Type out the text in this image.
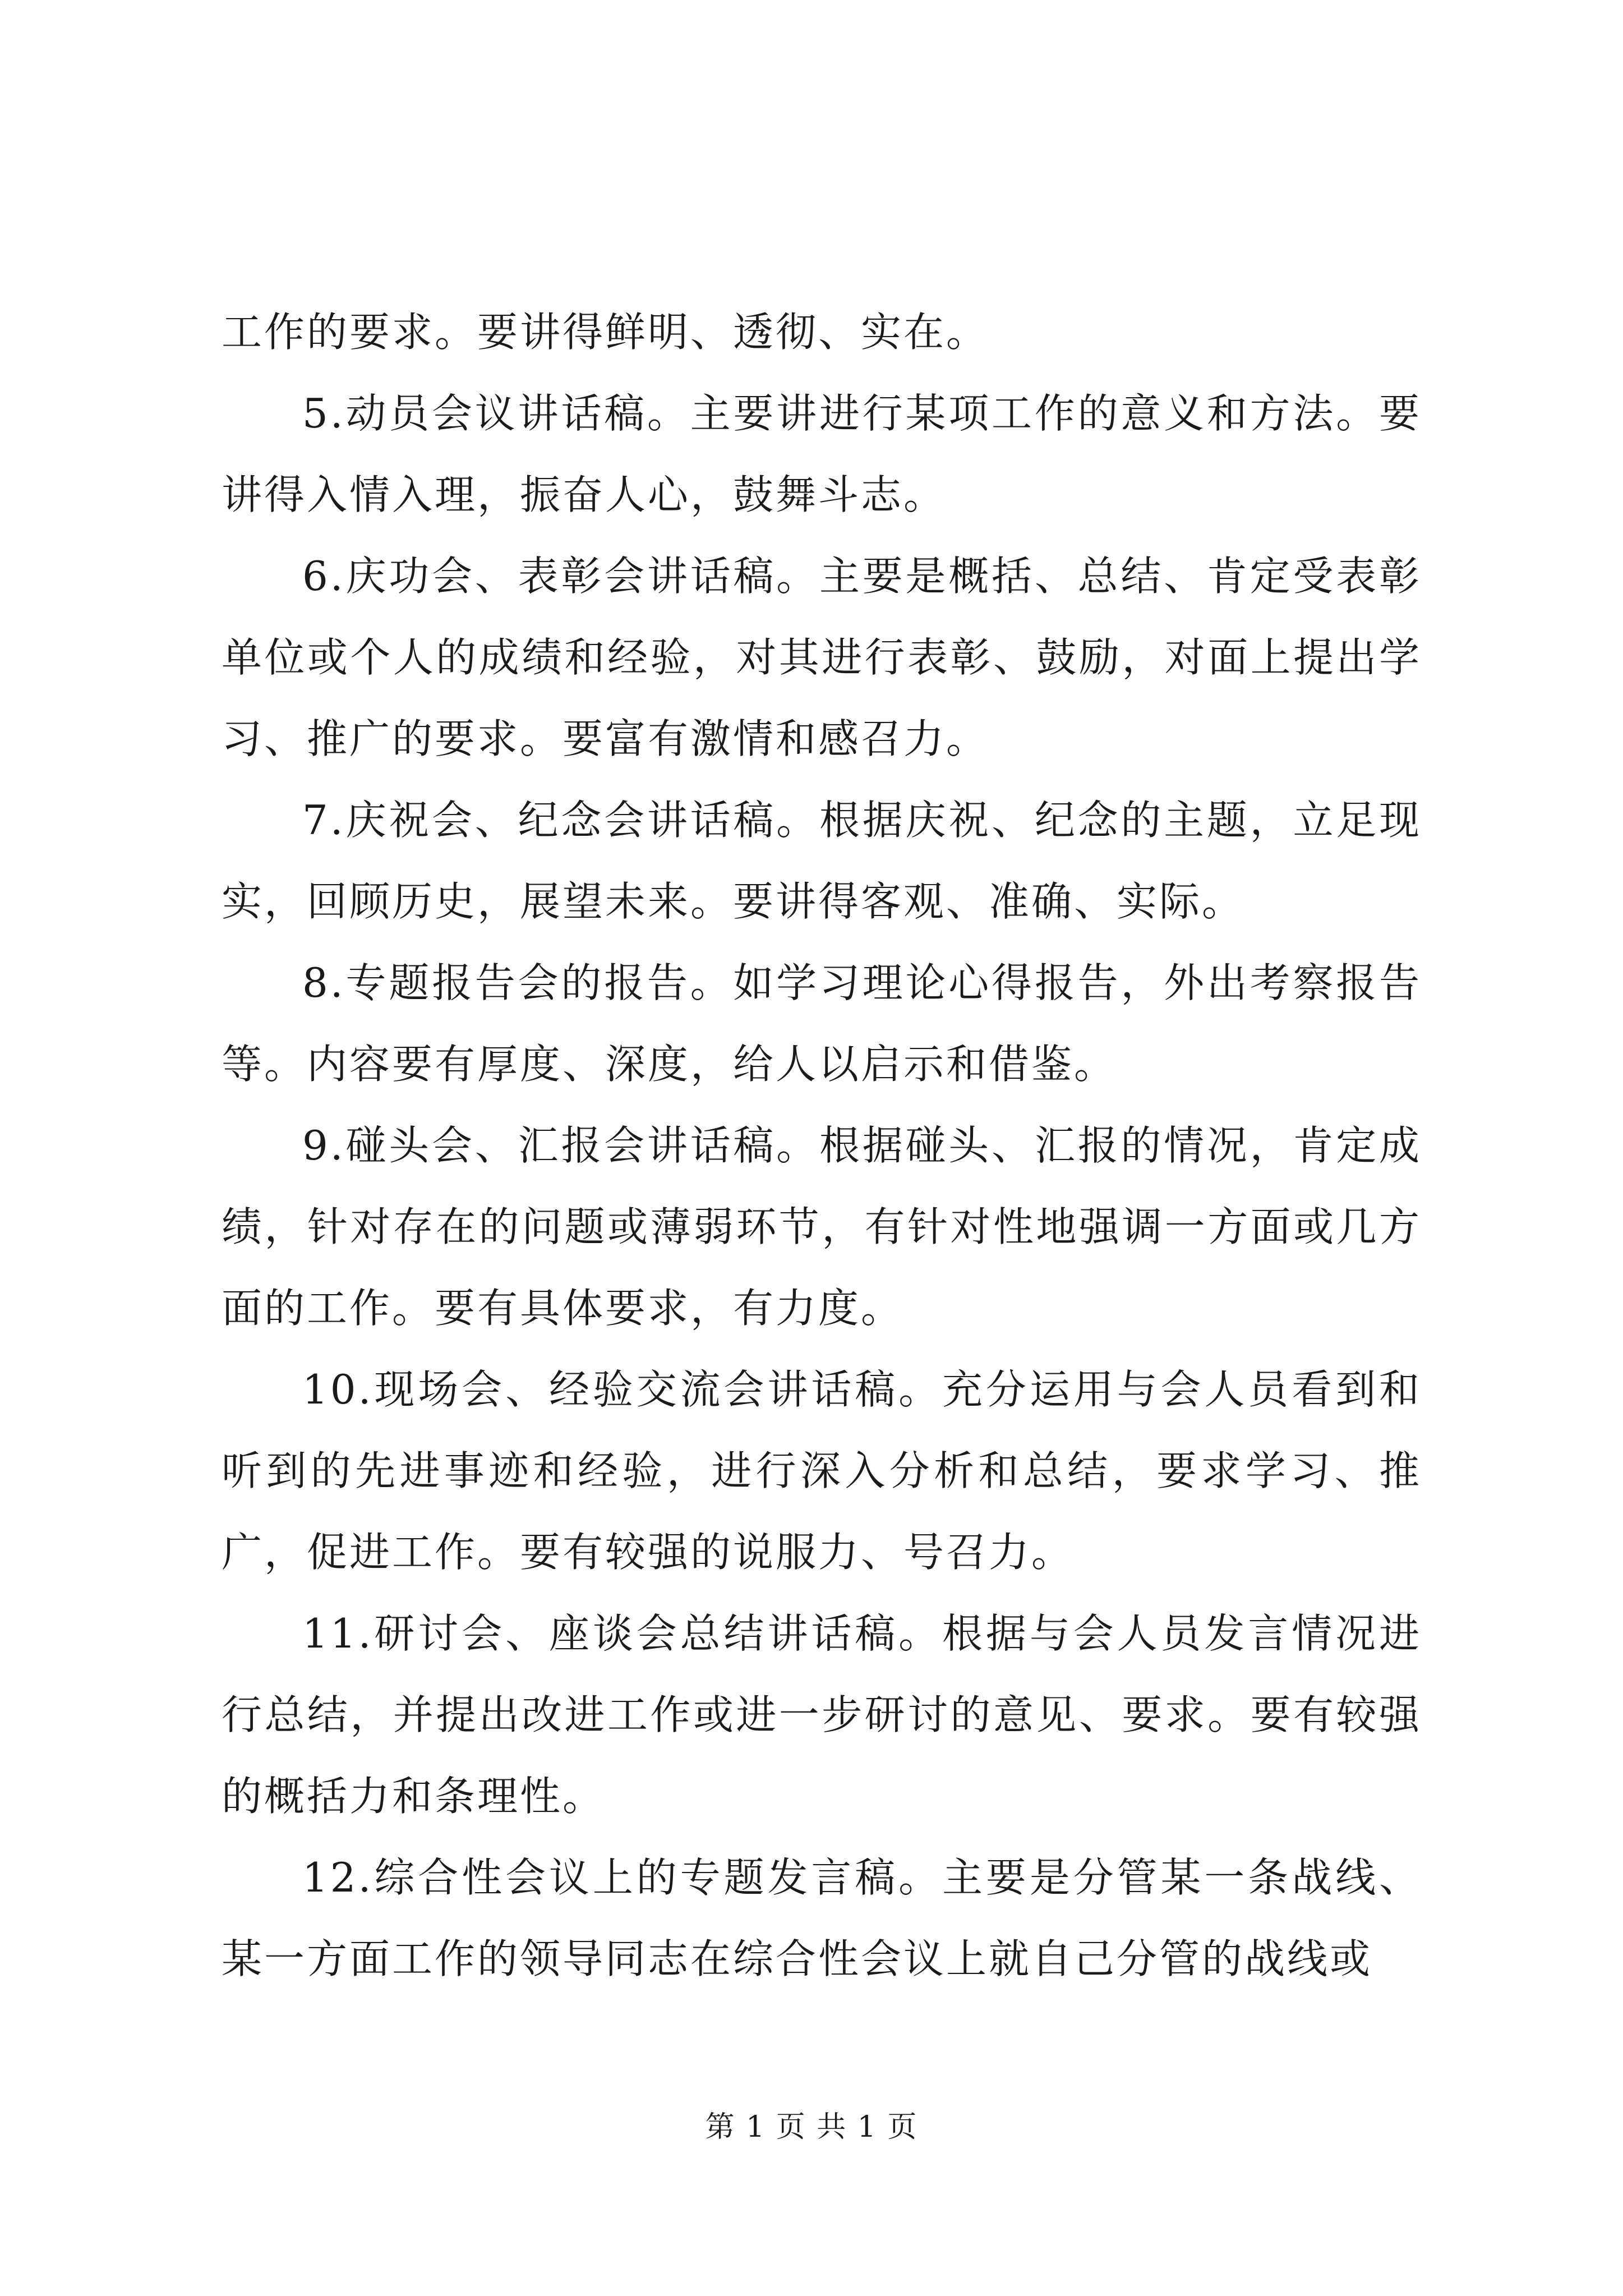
工作的要求。要讲得鲜明、透彻、实在。

5.动员会议讲话稿。主要讲进行某项工作的意义和方法。要讲得入情入理，振奋人心，鼓舞斗志。

6.庆功会、表彰会讲话稿。主要是概括、总结、肯定受表彰单位或个人的成绩和经验，对其进行表彰、鼓励，对面上提出学习、推广的要求。要富有激情和感召力。

7.庆祝会、纪念会讲话稿。根据庆祝、纪念的主题，立足现实，回顾历史，展望未来。要讲得客观、准确、实际。

8.专题报告会的报告。如学习理论心得报告，外出考察报告等。内容要有厚度、深度，给人以启示和借鉴。

9.碰头会、汇报会讲话稿。根据碰头、汇报的情况，肯定成绩，针对存在的问题或薄弱环节，有针对性地强调一方面或几方面的工作。要有具体要求，有力度。

10.现场会、经验交流会讲话稿。充分运用与会人员看到和听到的先进事迹和经验，进行深入分析和总结，要求学习、推广，促进工作。要有较强的说服力、号召力。

11.研讨会、座谈会总结讲话稿。根据与会人员发言情况进行总结，并提出改进工作或进一步研讨的意见、要求。要有较强的概括力和条理性。

12.综合性会议上的专题发言稿。主要是分管某一条战线、某一方面工作的领导同志在综合性会议上就自己分管的战线或

第 1 页 共 1 页
